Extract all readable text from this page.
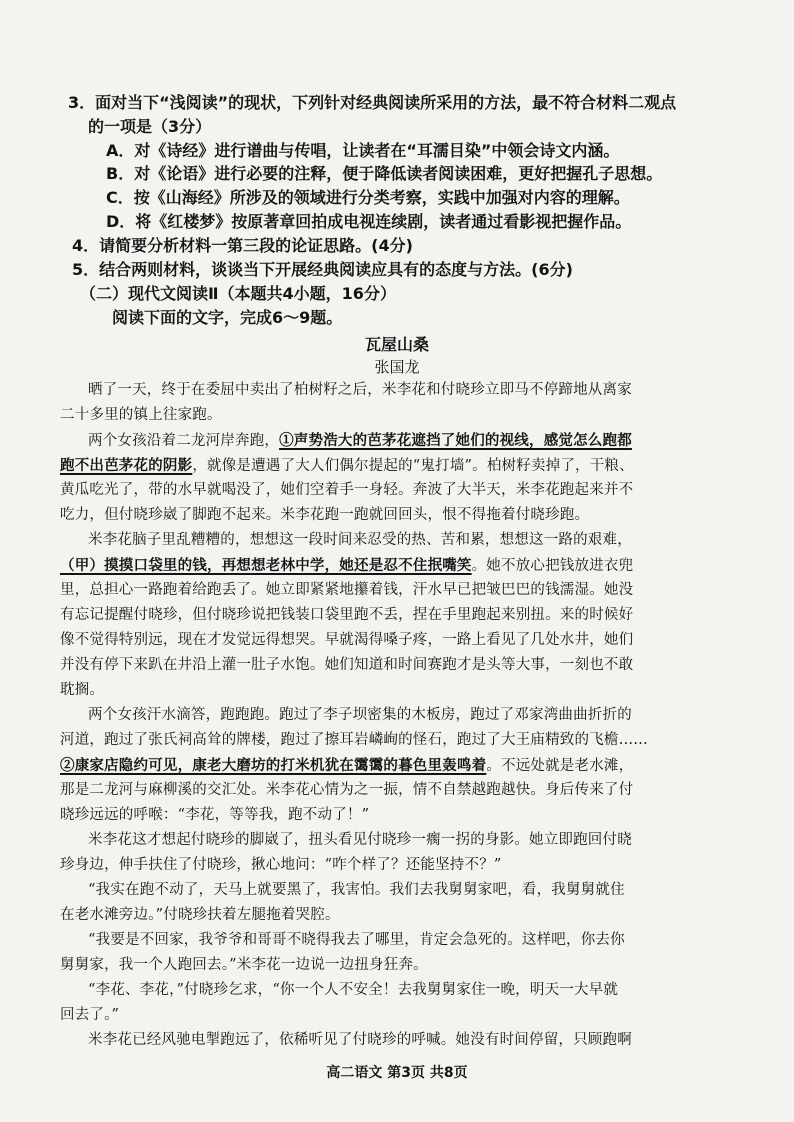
3．面对当下“浅阅读”的现状，下列针对经典阅读所采用的方法，最不符合材料二观点
的一项是（3分）
A．对《诗经》进行谱曲与传唱，让读者在“耳濡目染”中领会诗文内涵。
B．对《论语》进行必要的注释，便于降低读者阅读困难，更好把握孔子思想。
C．按《山海经》所涉及的领域进行分类考察，实践中加强对内容的理解。
D．将《红楼梦》按原著章回拍成电视连续剧，读者通过看影视把握作品。
4．请简要分析材料一第三段的论证思路。(4分)
5．结合两则材料，谈谈当下开展经典阅读应具有的态度与方法。(6分)
（二）现代文阅读Ⅱ（本题共4小题，16分）
阅读下面的文字，完成6～9题。
瓦屋山桑
张国龙
晒了一天，终于在委屈中卖出了柏树籽之后，米李花和付晓珍立即马不停蹄地从离家
二十多里的镇上往家跑。
两个女孩沿着二龙河岸奔跑，①声势浩大的芭茅花遮挡了她们的视线，感觉怎么跑都
跑不出芭茅花的阴影，就像是遭遇了大人们偶尔提起的“鬼打墙”。柏树籽卖掉了，干粮、
黄瓜吃光了，带的水早就喝没了，她们空着手一身轻。奔波了大半天，米李花跑起来并不
吃力，但付晓珍崴了脚跑不起来。米李花跑一跑就回回头，恨不得拖着付晓珍跑。
米李花脑子里乱糟糟的，想想这一段时间来忍受的热、苦和累，想想这一路的艰难，
（甲）摸摸口袋里的钱，再想想老林中学，她还是忍不住抿嘴笑。她不放心把钱放进衣兜
里，总担心一路跑着给跑丢了。她立即紧紧地攥着钱，汗水早已把皱巴巴的钱濡湿。她没
有忘记提醒付晓珍，但付晓珍说把钱装口袋里跑不丢，捏在手里跑起来别扭。来的时候好
像不觉得特别远，现在才发觉远得想哭。早就渴得嗓子疼，一路上看见了几处水井，她们
并没有停下来趴在井沿上灌一肚子水饱。她们知道和时间赛跑才是头等大事，一刻也不敢
耽搁。
两个女孩汗水滴答，跑跑跑。跑过了李子坝密集的木板房，跑过了邓家湾曲曲折折的
河道，跑过了张氏祠高耸的牌楼，跑过了擦耳岩嶙峋的怪石，跑过了大王庙精致的飞檐……
②康家店隐约可见，康老大磨坊的打米机犹在霭霭的暮色里轰鸣着。不远处就是老水滩，
那是二龙河与麻柳溪的交汇处。米李花心情为之一振，情不自禁越跑越快。身后传来了付
晓珍远远的呼喉：“李花，等等我，跑不动了！”
米李花这才想起付晓珍的脚崴了，扭头看见付晓珍一瘸一拐的身影。她立即跑回付晓
珍身边，伸手扶住了付晓珍，揪心地问：“咋个样了？还能坚持不？”
“我实在跑不动了，天马上就要黑了，我害怕。我们去我舅舅家吧，看，我舅舅就住
在老水滩旁边。”付晓珍扶着左腿拖着哭腔。
“我要是不回家，我爷爷和哥哥不晓得我去了哪里，肯定会急死的。这样吧，你去你
舅舅家，我一个人跑回去。”米李花一边说一边扭身狂奔。
“李花、李花，”付晓珍乞求，“你一个人不安全！去我舅舅家住一晚，明天一大早就
回去了。”
米李花已经风驰电掣跑远了，依稀听见了付晓珍的呼喊。她没有时间停留，只顾跑啊
高二语文 第3页 共8页
